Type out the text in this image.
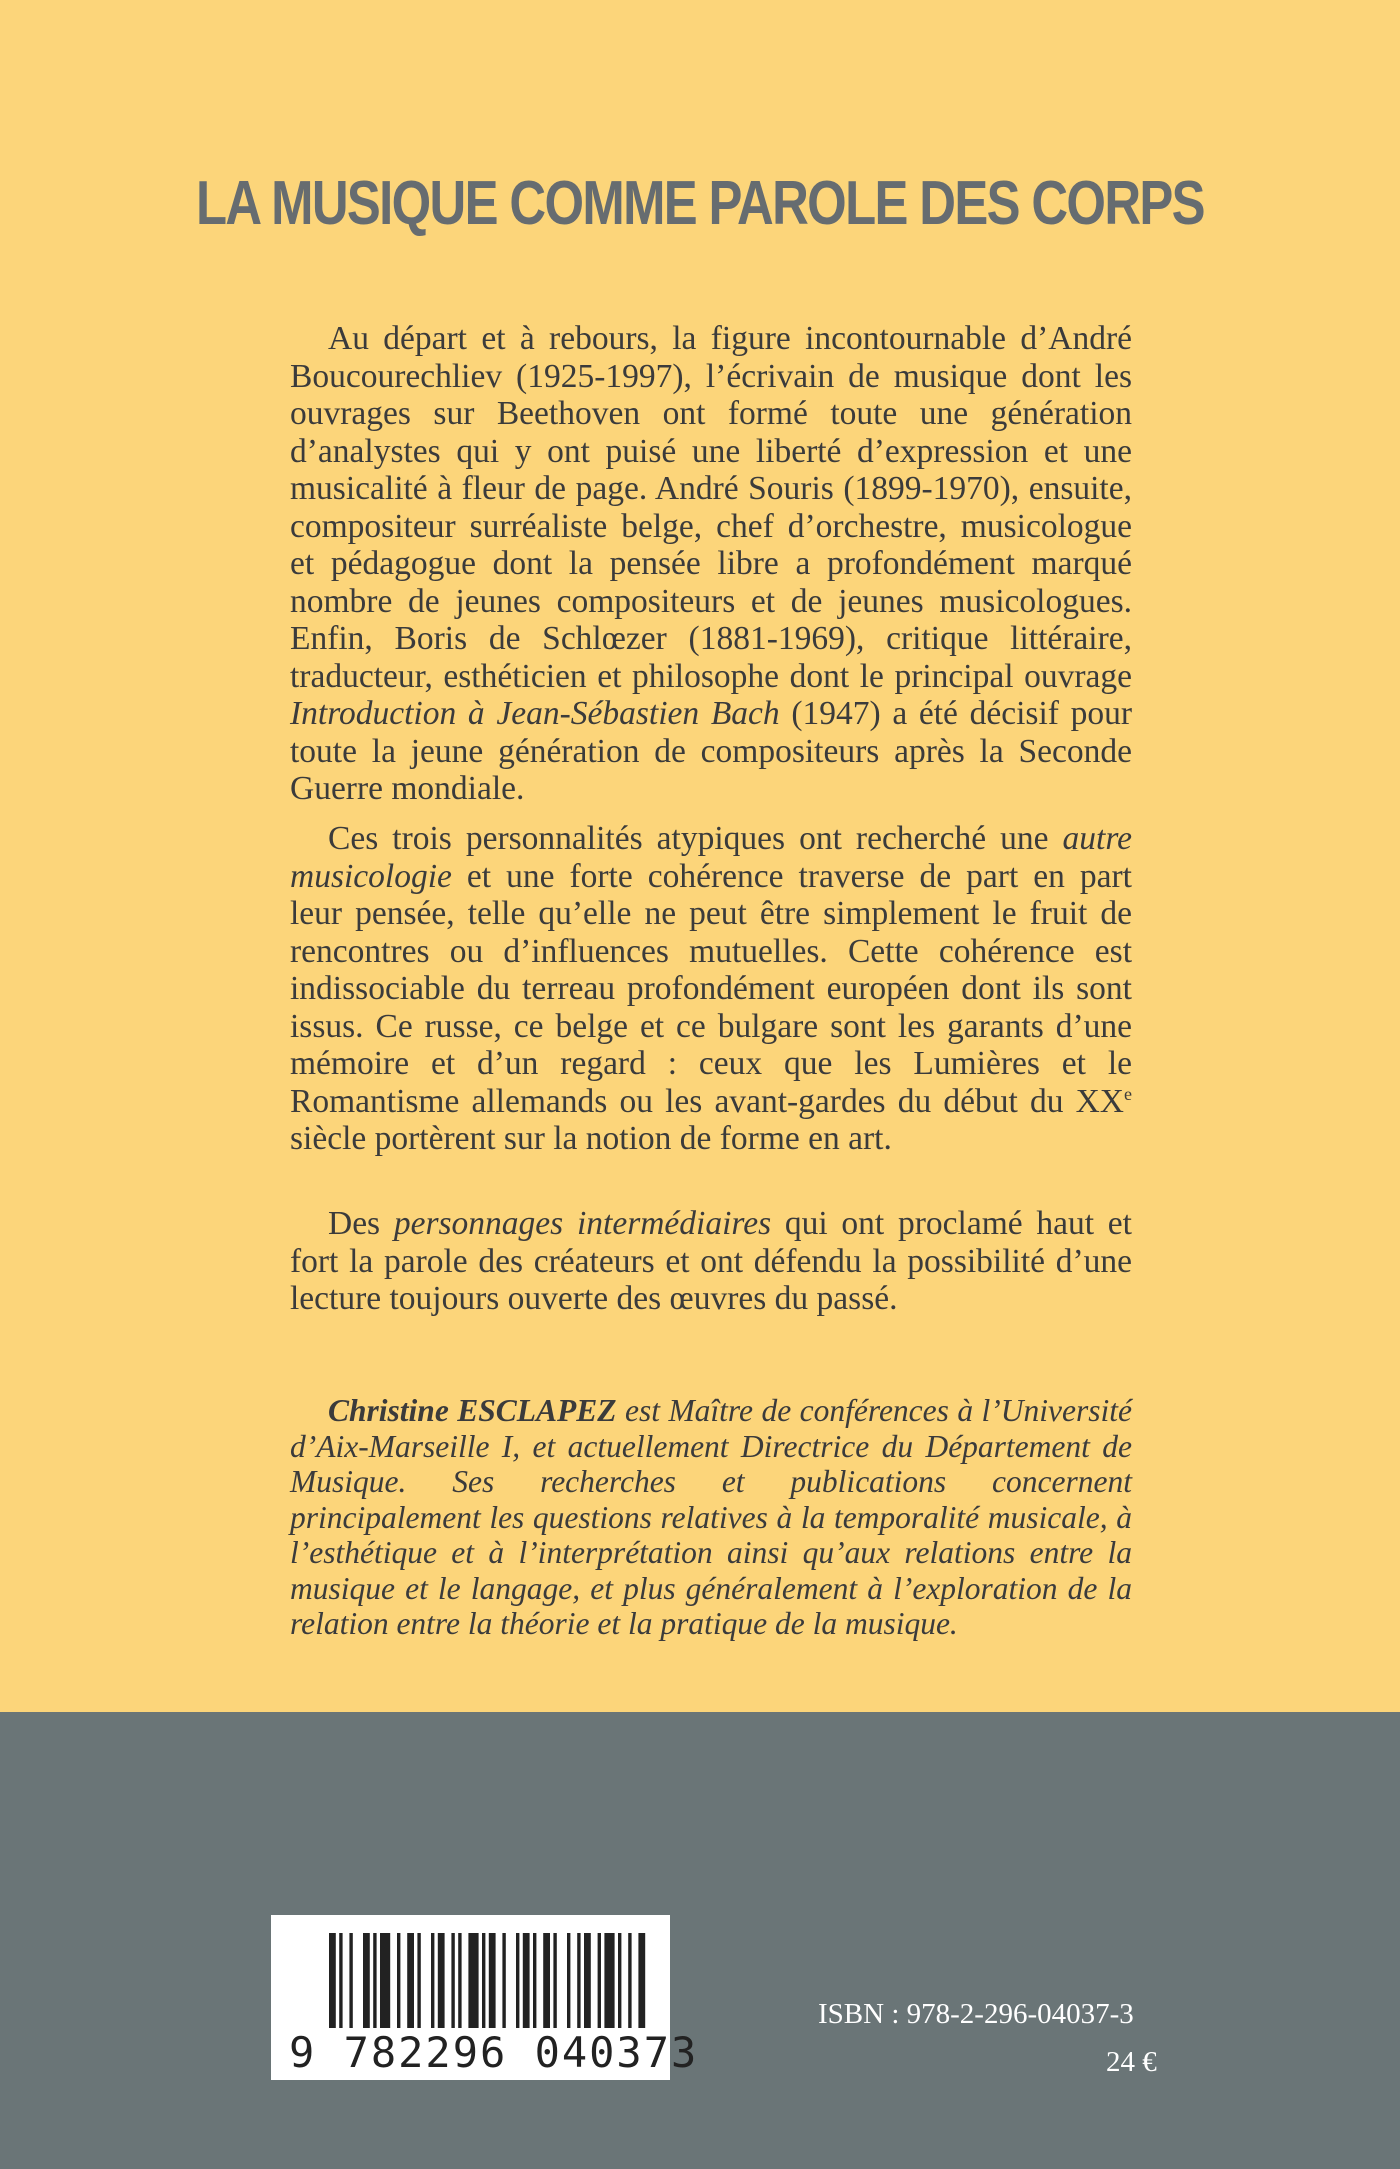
LA MUSIQUE COMME PAROLE DES CORPS

Au départ et à rebours, la figure incontournable d’André Boucourechliev (1925-1997), l’écrivain de musique dont les ouvrages sur Beethoven ont formé toute une génération d’analystes qui y ont puisé une liberté d’expression et une musicalité à fleur de page. André Souris (1899-1970), ensuite, compositeur surréaliste belge, chef d’orchestre, musicologue et pédagogue dont la pensée libre a profondément marqué nombre de jeunes compositeurs et de jeunes musicologues. Enfin, Boris de Schlœzer (1881-1969), critique littéraire, traducteur, esthéticien et philosophe dont le principal ouvrage Introduction à Jean-Sébastien Bach (1947) a été décisif pour toute la jeune génération de compositeurs après la Seconde Guerre mondiale.

Ces trois personnalités atypiques ont recherché une autre musicologie et une forte cohérence traverse de part en part leur pensée, telle qu’elle ne peut être simplement le fruit de rencontres ou d’influences mutuelles. Cette cohérence est indissociable du terreau profondément européen dont ils sont issus. Ce russe, ce belge et ce bulgare sont les garants d’une mémoire et d’un regard : ceux que les Lumières et le Romantisme allemands ou les avant-gardes du début du XXe siècle portèrent sur la notion de forme en art.

Des personnages intermédiaires qui ont proclamé haut et fort la parole des créateurs et ont défendu la possibilité d’une lecture toujours ouverte des œuvres du passé.

Christine ESCLAPEZ est Maître de conférences à l’Université d’Aix-Marseille I, et actuellement Directrice du Département de Musique. Ses recherches et publications concernent principalement les questions relatives à la temporalité musicale, à l’esthétique et à l’interprétation ainsi qu’aux relations entre la musique et le langage, et plus généralement à l’exploration de la relation entre la théorie et la pratique de la musique.

9 782296 040373
ISBN : 978-2-296-04037-3
24 €
